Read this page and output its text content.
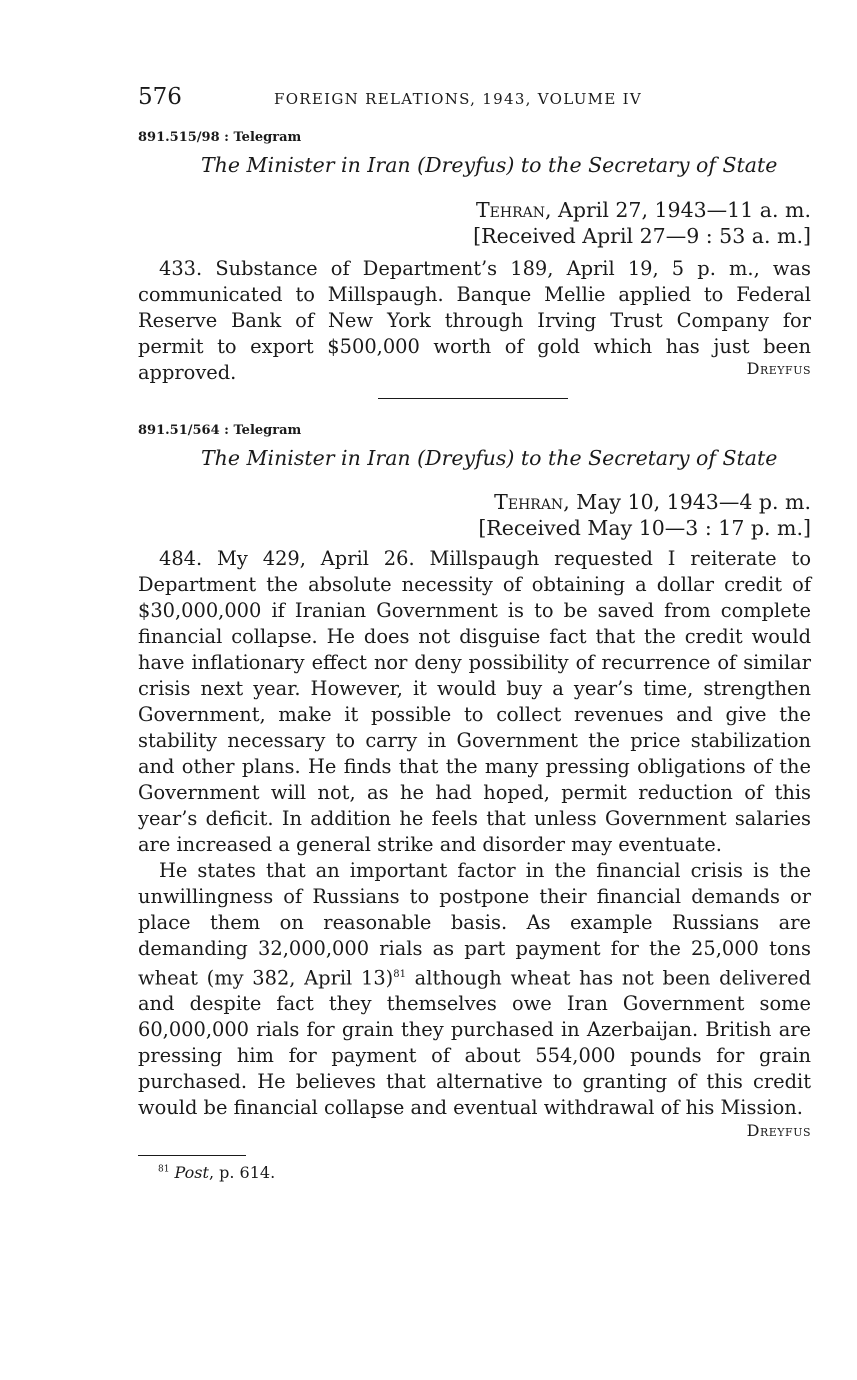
576	FOREIGN RELATIONS, 1943, VOLUME IV
891.515/98 : Telegram
The Minister in Iran (Dreyfus) to the Secretary of State
Tehran, April 27, 1943—11 a. m.
[Received April 27—9 : 53 a. m.]

433. Substance of Department’s 189, April 19, 5 p. m., was communicated to Millspaugh. Banque Mellie applied to Federal Reserve Bank of New York through Irving Trust Company for permit to export $500,000 worth of gold which has just been approved.	Dreyfus
891.51/564 : Telegram
The Minister in Iran (Dreyfus) to the Secretary of State
Tehran, May 10, 1943—4 p. m.
[Received May 10—3 : 17 p. m.]

484. My 429, April 26. Millspaugh requested I reiterate to Department the absolute necessity of obtaining a dollar credit of $30,000,000 if Iranian Government is to be saved from complete financial collapse. He does not disguise fact that the credit would have inflationary effect nor deny possibility of recurrence of similar crisis next year. However, it would buy a year’s time, strengthen Government, make it possible to collect revenues and give the stability necessary to carry in Government the price stabilization and other plans. He finds that the many pressing obligations of the Government will not, as he had hoped, permit reduction of this year’s deficit. In addition he feels that unless Government salaries are increased a general strike and disorder may eventuate.

He states that an important factor in the financial crisis is the unwillingness of Russians to postpone their financial demands or place them on reasonable basis. As example Russians are demanding 32,000,000 rials as part payment for the 25,000 tons wheat (my 382, April 13)$^{81}$ although wheat has not been delivered and despite fact they themselves owe Iran Government some 60,000,000 rials for grain they purchased in Azerbaijan. British are pressing him for payment of about 554,000 pounds for grain purchased. He believes that alternative to granting of this credit would be financial collapse and eventual withdrawal of his Mission.

Dreyfus
$^{81}$ Post, p. 614.
